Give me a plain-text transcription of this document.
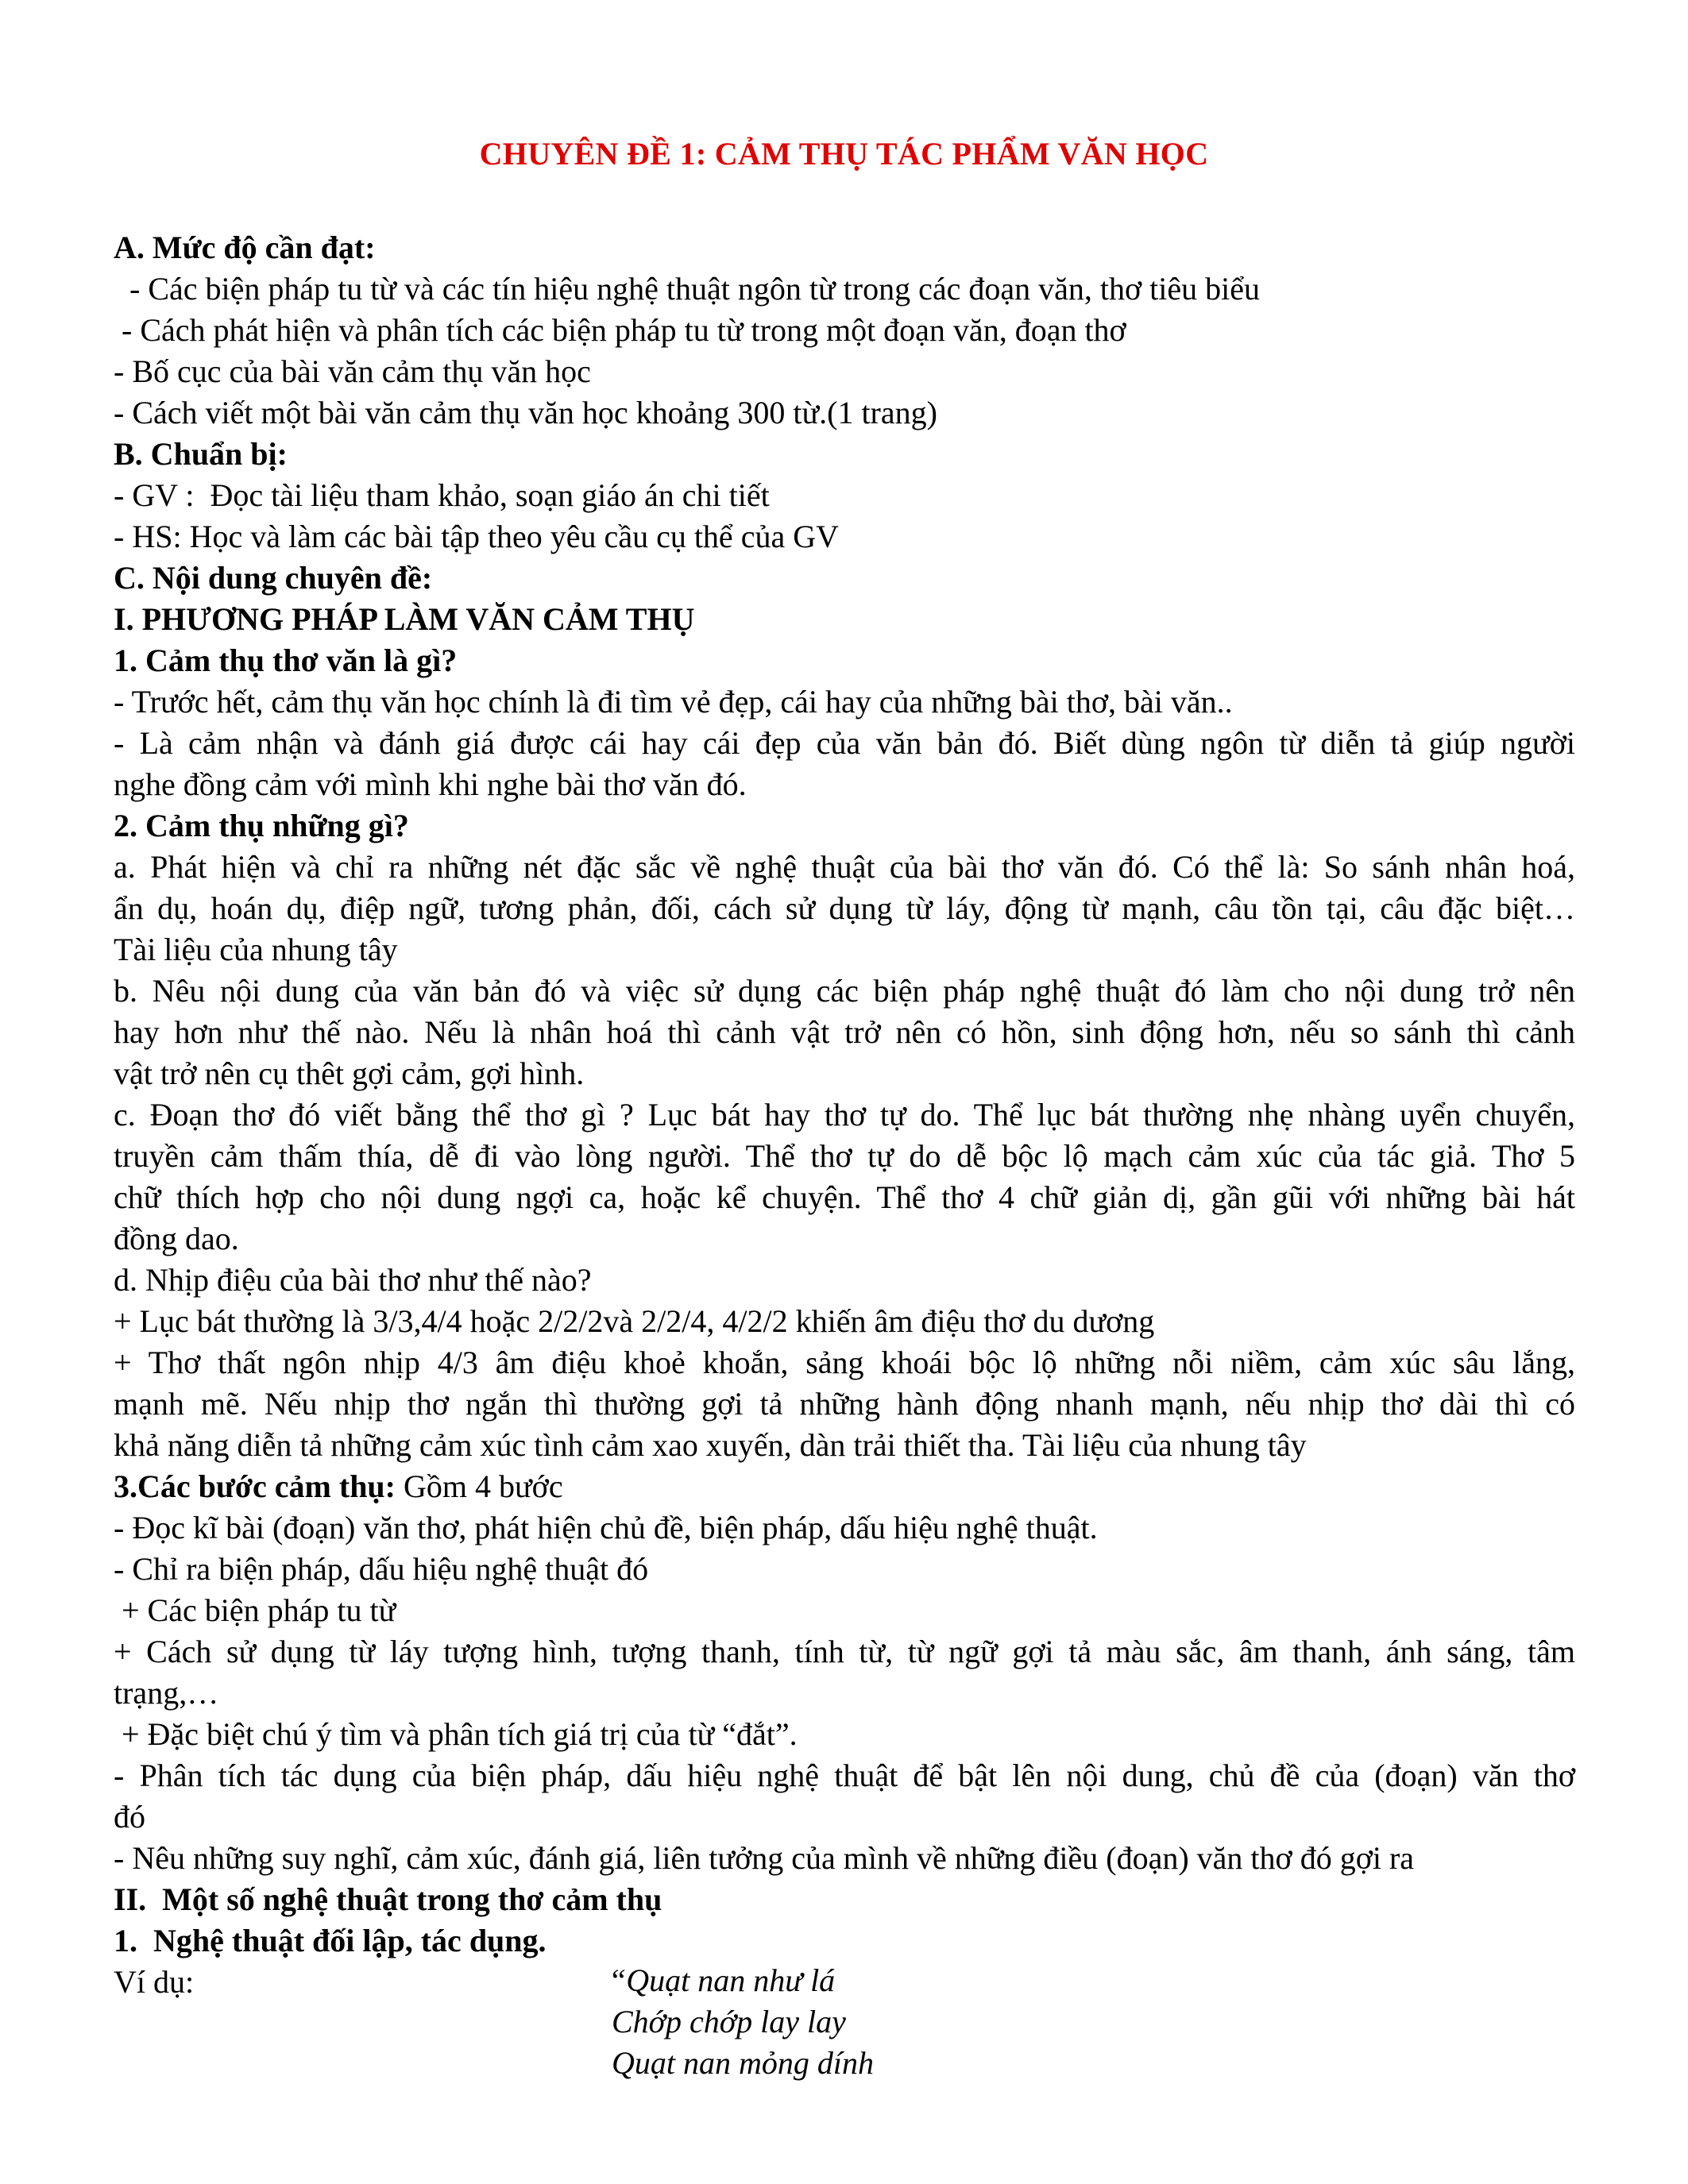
CHUYÊN ĐỀ 1: CẢM THỤ TÁC PHẨM VĂN HỌC
A. Mức độ cần đạt:
- Các biện pháp tu từ và các tín hiệu nghệ thuật ngôn từ trong các đoạn văn, thơ tiêu biểu
- Cách phát hiện và phân tích các biện pháp tu từ trong một đoạn văn, đoạn thơ
- Bố cục của bài văn cảm thụ văn học
- Cách viết một bài văn cảm thụ văn học khoảng 300 từ.(1 trang)
B. Chuẩn bị:
- GV :  Đọc tài liệu tham khảo, soạn giáo án chi tiết
- HS: Học và làm các bài tập theo yêu cầu cụ thể của GV
C. Nội dung chuyên đề:
I. PHƯƠNG PHÁP LÀM VĂN CẢM THỤ
1. Cảm thụ thơ văn là gì?
- Trước hết, cảm thụ văn học chính là đi tìm vẻ đẹp, cái hay của những bài thơ, bài văn..
- Là cảm nhận và đánh giá được cái hay cái đẹp của văn bản đó. Biết dùng ngôn từ diễn tả giúp người
nghe đồng cảm với mình khi nghe bài thơ văn đó.
2. Cảm thụ những gì?
a. Phát hiện và chỉ ra những nét đặc sắc về nghệ thuật của bài thơ văn đó. Có thể là: So sánh nhân hoá,
ẩn dụ, hoán dụ, điệp ngữ, tương phản, đối, cách sử dụng từ láy, động từ mạnh, câu tồn tại, câu đặc biệt…
Tài liệu của nhung tây
b. Nêu nội dung của văn bản đó và việc sử dụng các biện pháp nghệ thuật đó làm cho nội dung trở nên
hay hơn như thế nào. Nếu là nhân hoá thì cảnh vật trở nên có hồn, sinh động hơn, nếu so sánh thì cảnh
vật trở nên cụ thêt gợi cảm, gợi hình.
c. Đoạn thơ đó viết bằng thể thơ gì ? Lục bát hay thơ tự do. Thể lục bát thường nhẹ nhàng uyển chuyển,
truyền cảm thấm thía, dễ đi vào lòng người. Thể thơ tự do dễ bộc lộ mạch cảm xúc của tác giả. Thơ 5
chữ thích hợp cho nội dung ngợi ca, hoặc kể chuyện. Thể thơ 4 chữ giản dị, gần gũi với những bài hát
đồng dao.
d. Nhịp điệu của bài thơ như thế nào?
+ Lục bát thường là 3/3,4/4 hoặc 2/2/2và 2/2/4, 4/2/2 khiến âm điệu thơ du dương
+ Thơ thất ngôn nhịp 4/3 âm điệu khoẻ khoắn, sảng khoái bộc lộ những nỗi niềm, cảm xúc sâu lắng,
mạnh mẽ. Nếu nhịp thơ ngắn thì thường gợi tả những hành động nhanh mạnh, nếu nhịp thơ dài thì có
khả năng diễn tả những cảm xúc tình cảm xao xuyến, dàn trải thiết tha. Tài liệu của nhung tây
3.Các bước cảm thụ: Gồm 4 bước
- Đọc kĩ bài (đoạn) văn thơ, phát hiện chủ đề, biện pháp, dấu hiệu nghệ thuật.
- Chỉ ra biện pháp, dấu hiệu nghệ thuật đó
+ Các biện pháp tu từ
+ Cách sử dụng từ láy tượng hình, tượng thanh, tính từ, từ ngữ gợi tả màu sắc, âm thanh, ánh sáng, tâm
trạng,…
+ Đặc biệt chú ý tìm và phân tích giá trị của từ “đắt”.
- Phân tích tác dụng của biện pháp, dấu hiệu nghệ thuật để bật lên nội dung, chủ đề của (đoạn) văn thơ
đó
- Nêu những suy nghĩ, cảm xúc, đánh giá, liên tưởng của mình về những điều (đoạn) văn thơ đó gợi ra
II.  Một số nghệ thuật trong thơ cảm thụ
1.  Nghệ thuật đối lập, tác dụng.
Ví dụ:	“Quạt nan như lá
Chớp chớp lay lay
Quạt nan mỏng dính
